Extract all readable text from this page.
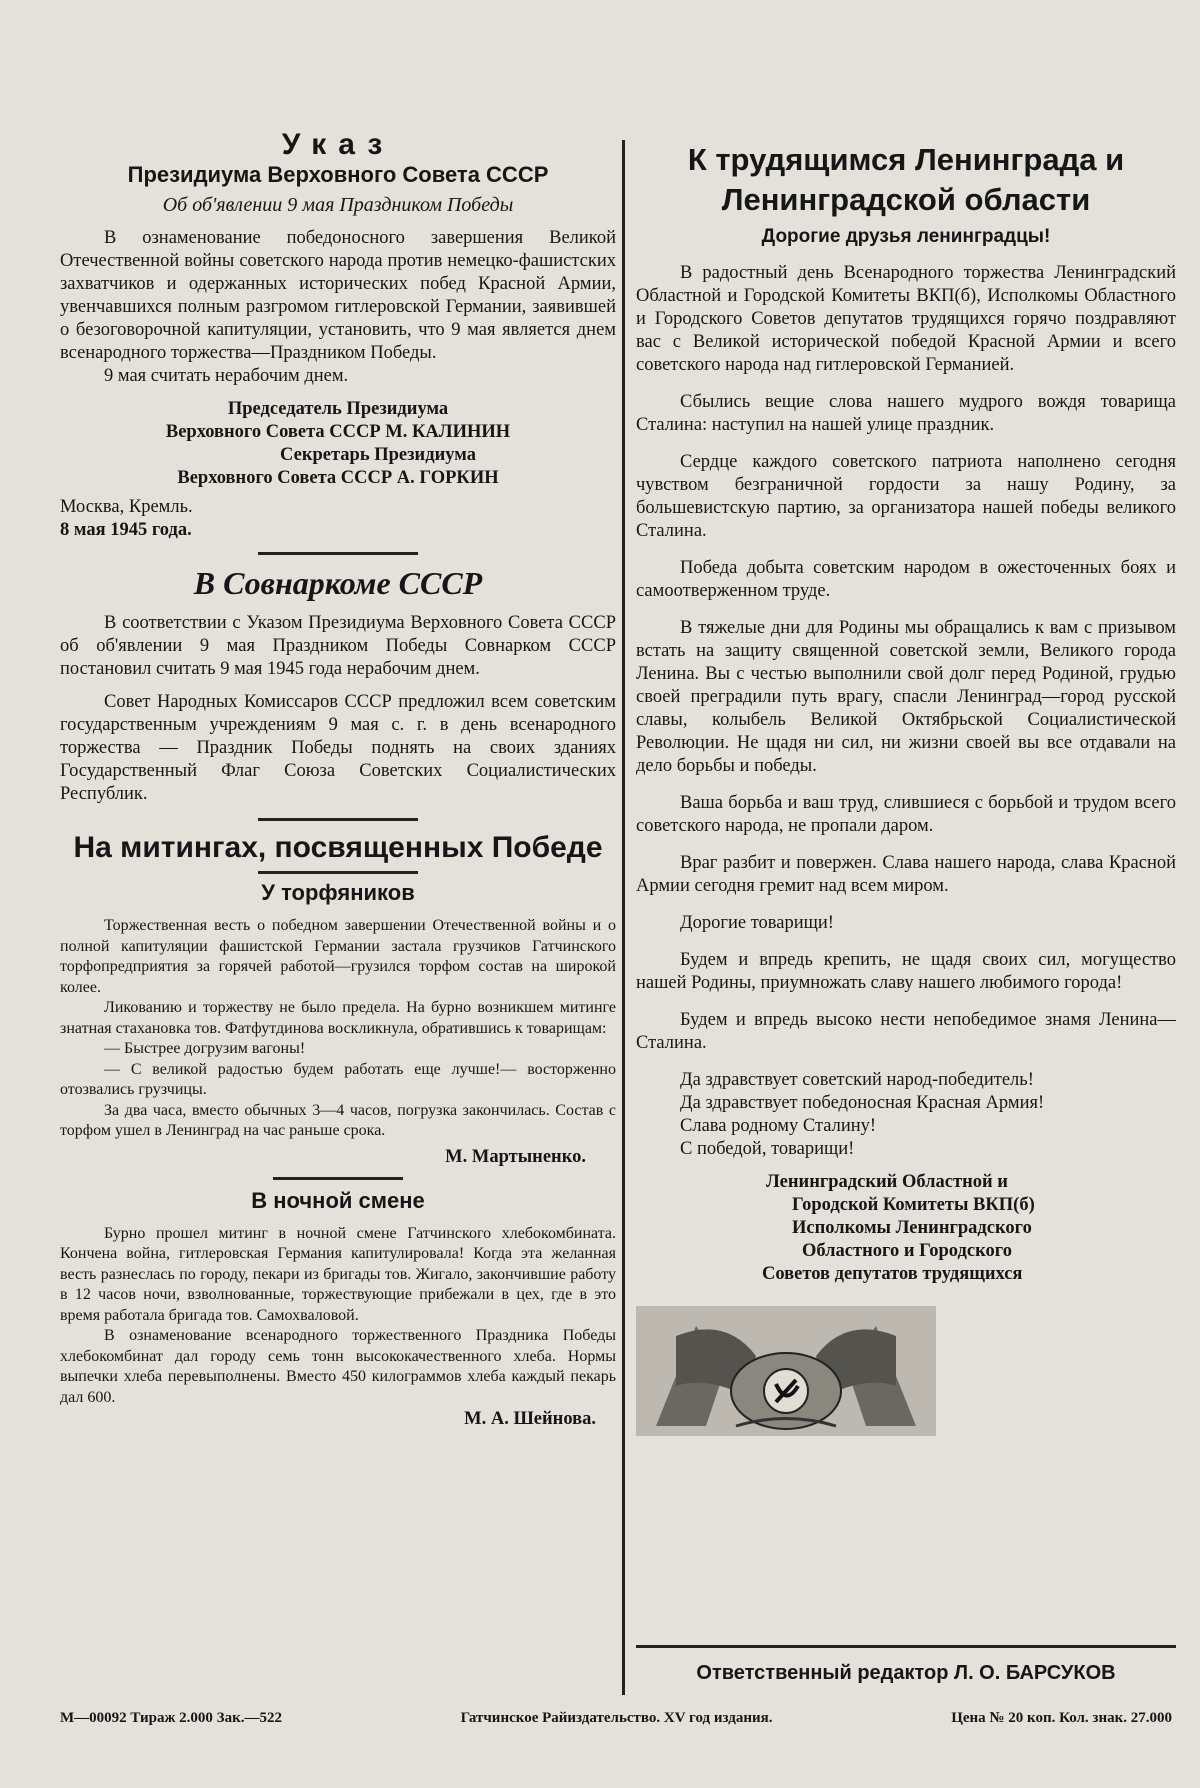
Указ
Президиума Верховного Совета СССР
Об об'явлении 9 мая Праздником Победы

В ознаменование победоносного завершения Великой Отечественной войны советского народа против немецко-фашистских захватчиков и одержанных исторических побед Красной Армии, увенчавшихся полным разгромом гитлеровской Германии, заявившей о безоговорочной капитуляции, установить, что 9 мая является днем всенародного торжества—Праздником Победы.

9 мая считать нерабочим днем.

Председатель Президиума
Верховного Совета СССР М. КАЛИНИН
Секретарь Президиума
Верховного Совета СССР А. ГОРКИН
Москва, Кремль.
8 мая 1945 года.
В Совнаркоме СССР

В соответствии с Указом Президиума Верховного Совета СССР об об'явлении 9 мая Праздником Победы Совнарком СССР постановил считать 9 мая 1945 года нерабочим днем.

Совет Народных Комиссаров СССР предложил всем советским государственным учреждениям 9 мая с. г. в день всенародного торжества — Праздник Победы поднять на своих зданиях Государственный Флаг Союза Советских Социалистических Республик.

На митингах, посвященных Победе
У торфяников

Торжественная весть о победном завершении Отечественной войны и о полной капитуляции фашистской Германии застала грузчиков Гатчинского торфопредприятия за горячей работой—грузился торфом состав на широкой колее.

Ликованию и торжеству не было предела. На бурно возникшем митинге знатная стахановка тов. Фатфутдинова воскликнула, обратившись к товарищам:

— Быстрее догрузим вагоны!

— С великой радостью будем работать еще лучше!— восторженно отозвались грузчицы.

За два часа, вместо обычных 3—4 часов, погрузка закончилась. Состав с торфом ушел в Ленинград на час раньше срока.

М. Мартыненко.
В ночной смене

Бурно прошел митинг в ночной смене Гатчинского хлебокомбината. Кончена война, гитлеровская Германия капитулировала! Когда эта желанная весть разнеслась по городу, пекари из бригады тов. Жигало, закончившие работу в 12 часов ночи, взволнованные, торжествующие прибежали в цех, где в это время работала бригада тов. Самохваловой.

В ознаменование всенародного торжественного Праздника Победы хлебокомбинат дал городу семь тонн высококачественного хлеба. Нормы выпечки хлеба перевыполнены. Вместо 450 килограммов хлеба каждый пекарь дал 600.

М. А. Шейнова.
К трудящимся Ленинграда и
Ленинградской области
Дорогие друзья ленинградцы!

В радостный день Всенародного торжества Ленинградский Областной и Городской Комитеты ВКП(б), Исполкомы Областного и Городского Советов депутатов трудящихся горячо поздравляют вас с Великой исторической победой Красной Армии и всего советского народа над гитлеровской Германией.

Сбылись вещие слова нашего мудрого вождя товарища Сталина: наступил на нашей улице праздник.

Сердце каждого советского патриота наполнено сегодня чувством безграничной гордости за нашу Родину, за большевистскую партию, за организатора нашей победы великого Сталина.

Победа добыта советским народом в ожесточенных боях и самоотверженном труде.

В тяжелые дни для Родины мы обращались к вам с призывом встать на защиту священной советской земли, Великого города Ленина. Вы с честью выполнили свой долг перед Родиной, грудью своей преградили путь врагу, спасли Ленинград—город русской славы, колыбель Великой Октябрьской Социалистической Революции. Не щадя ни сил, ни жизни своей вы все отдавали на дело борьбы и победы.

Ваша борьба и ваш труд, слившиеся с борьбой и трудом всего советского народа, не пропали даром.

Враг разбит и повержен. Слава нашего народа, слава Красной Армии сегодня гремит над всем миром.

Дорогие товарищи!

Будем и впредь крепить, не щадя своих сил, могущество нашей Родины, приумножать славу нашего любимого города!

Будем и впредь высоко нести непобедимое знамя Ленина—Сталина.

Да здравствует советский народ-победитель!
Да здравствует победоносная Красная Армия!
Слава родному Сталину!
С победой, товарищи!
Ленинградский Областной и
Городской Комитеты ВКП(б)
Исполкомы Ленинградского
Областного и Городского
Советов депутатов трудящихся
Ответственный редактор Л. О. БАРСУКОВ
М—00092 Тираж 2.000 Зак.—522	Гатчинское Райиздательство. XV год издания.	Цена № 20 коп. Кол. знак. 27.000
